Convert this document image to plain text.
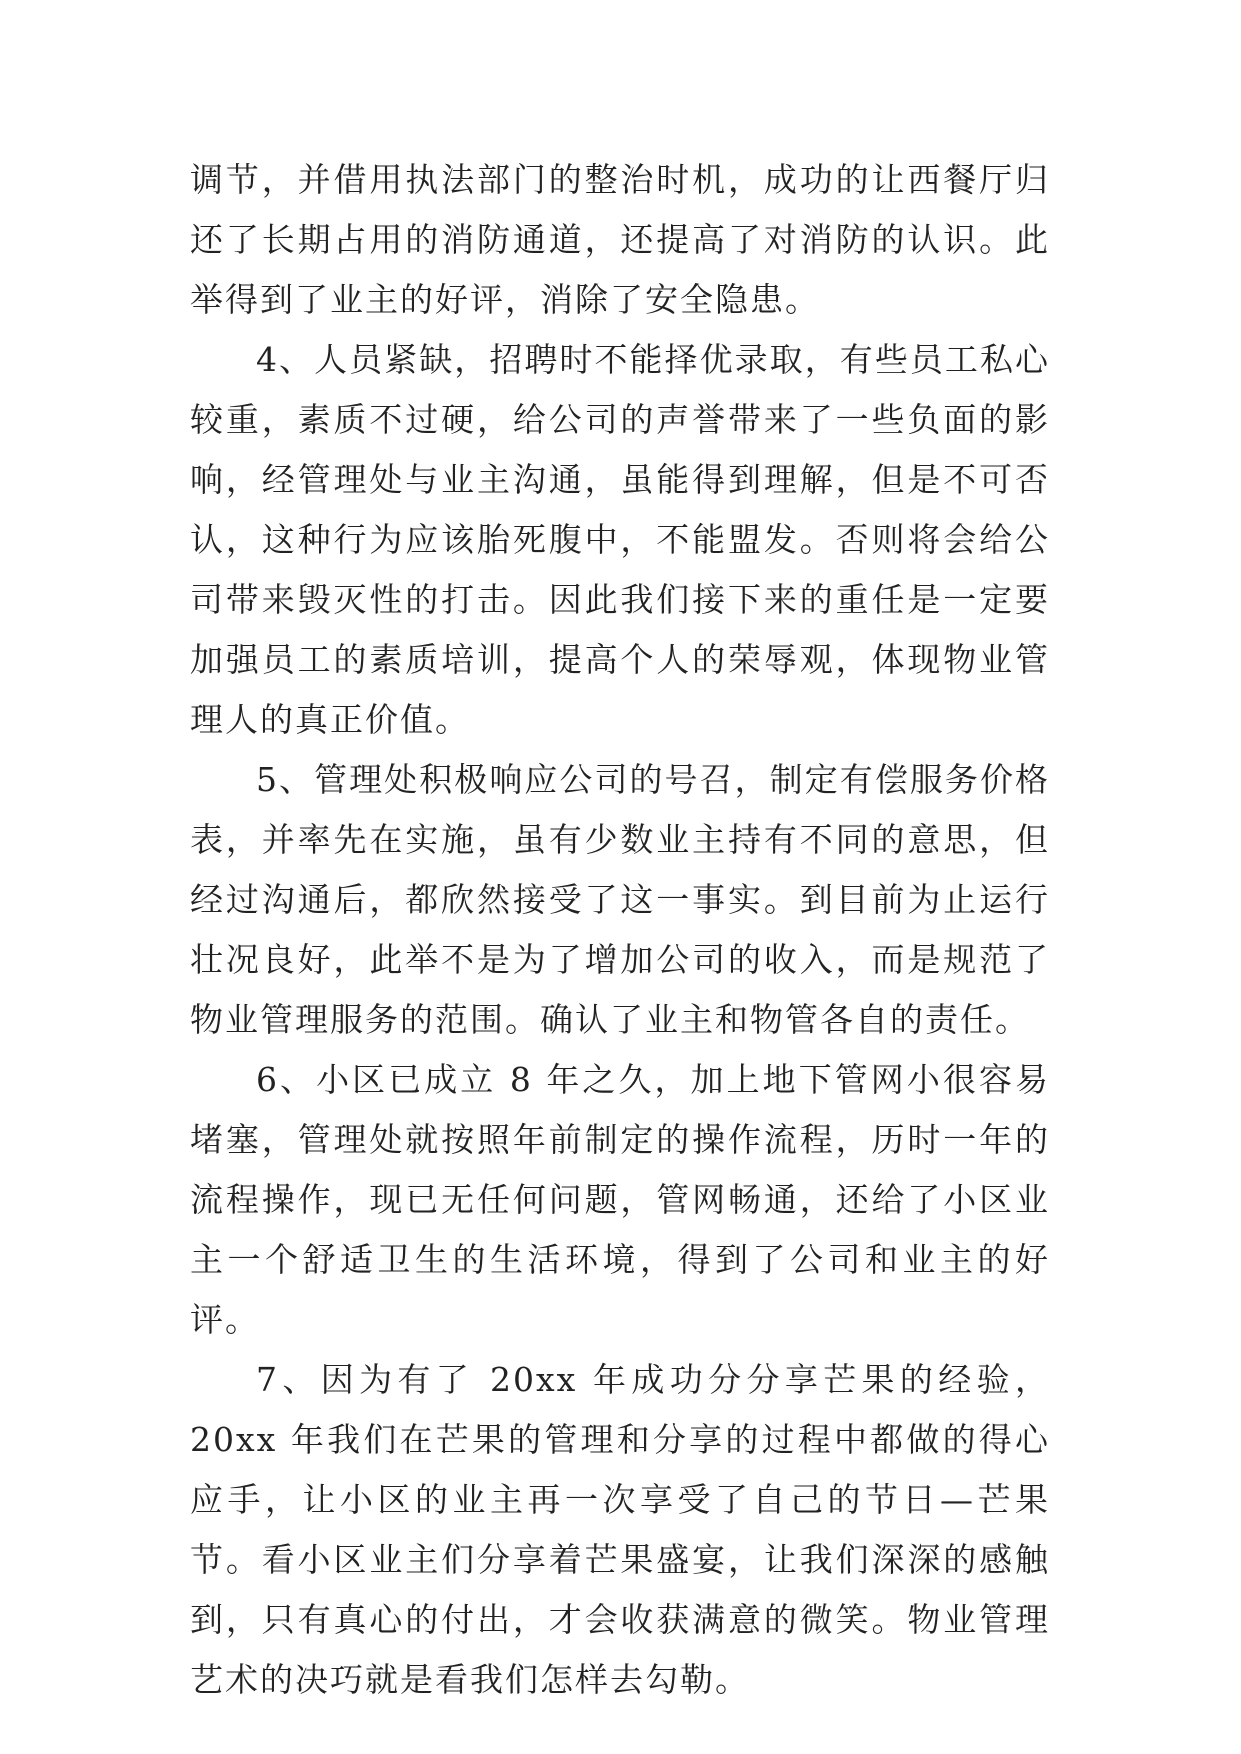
调节，并借用执法部门的整治时机，成功的让西餐厅归还了长期占用的消防通道，还提高了对消防的认识。此举得到了业主的好评，消除了安全隐患。

4、人员紧缺，招聘时不能择优录取，有些员工私心较重，素质不过硬，给公司的声誉带来了一些负面的影响，经管理处与业主沟通，虽能得到理解，但是不可否认，这种行为应该胎死腹中，不能盟发。否则将会给公司带来毁灭性的打击。因此我们接下来的重任是一定要加强员工的素质培训，提高个人的荣辱观，体现物业管理人的真正价值。

5、管理处积极响应公司的号召，制定有偿服务价格表，并率先在实施，虽有少数业主持有不同的意思，但经过沟通后，都欣然接受了这一事实。到目前为止运行壮况良好，此举不是为了增加公司的收入，而是规范了物业管理服务的范围。确认了业主和物管各自的责任。

6、小区已成立 8 年之久，加上地下管网小很容易堵塞，管理处就按照年前制定的操作流程，历时一年的流程操作，现已无任何问题，管网畅通，还给了小区业主一个舒适卫生的生活环境，得到了公司和业主的好评。

7、因为有了 20xx 年成功分分享芒果的经验，20xx 年我们在芒果的管理和分享的过程中都做的得心应手，让小区的业主再一次享受了自己的节日—芒果节。看小区业主们分享着芒果盛宴，让我们深深的感触到，只有真心的付出，才会收获满意的微笑。物业管理艺术的决巧就是看我们怎样去勾勒。
